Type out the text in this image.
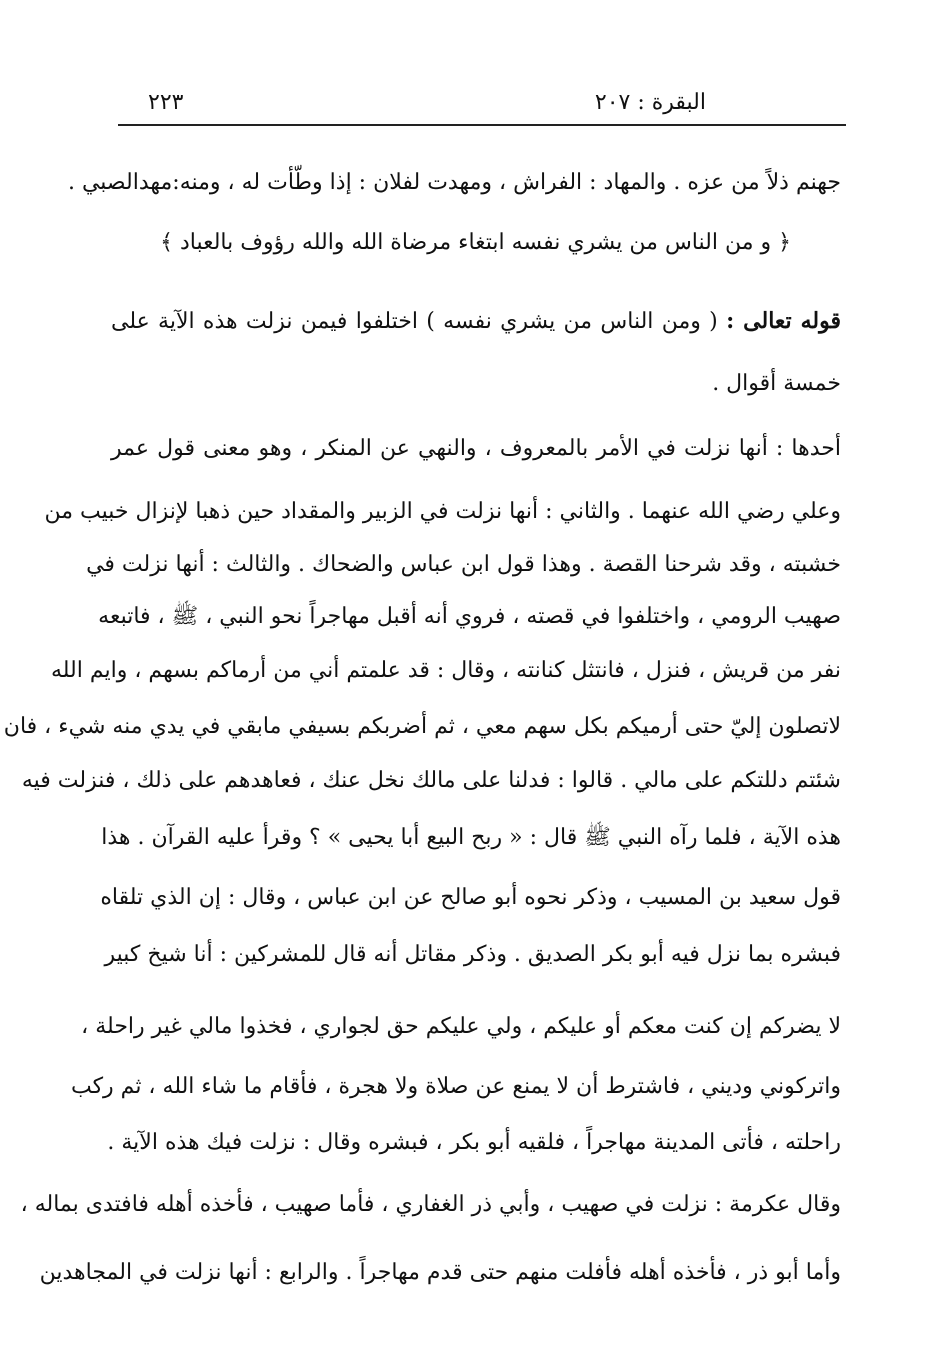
البقرة : ٢٠٧
٢٢٣
جهنم ذلاً من عزه . والمهاد : الفراش ، ومهدت لفلان : إذا وطّأت له ، ومنه:مهدالصبي .
﴿ و من الناس من يشري نفسه ابتغاء مرضاة الله والله رؤوف بالعباد ﴾
قوله تعالى : ( ومن الناس من يشري نفسه ) اختلفوا فيمن نزلت هذه الآية على
خمسة أقوال .
أحدها : أنها نزلت في الأمر بالمعروف ، والنهي عن المنكر ، وهو معنى قول عمر
وعلي رضي الله عنهما . والثاني : أنها نزلت في الزبير والمقداد حين ذهبا لإنزال خبيب من
خشبته ، وقد شرحنا القصة . وهذا قول ابن عباس والضحاك . والثالث : أنها نزلت في
صهيب الرومي ، واختلفوا في قصته ، فروي أنه أقبل مهاجراً نحو النبي ، ﷺ ، فاتبعه
نفر من قريش ، فنزل ، فانتثل كنانته ، وقال : قد علمتم أني من أرماكم بسهم ، وايم الله
لاتصلون إليّ حتى أرميكم بكل سهم معي ، ثم أضربكم بسيفي مابقي في يدي منه شيء ، فان
شئتم دللتكم على مالي . قالوا : فدلنا على مالك نخل عنك ، فعاهدهم على ذلك ، فنزلت فيه
هذه الآية ، فلما رآه النبي ﷺ قال : « ربح البيع أبا يحيى » ؟ وقرأ عليه القرآن . هذا
قول سعيد بن المسيب ، وذكر نحوه أبو صالح عن ابن عباس ، وقال : إن الذي تلقاه
فبشره بما نزل فيه أبو بكر الصديق . وذكر مقاتل أنه قال للمشركين : أنا شيخ كبير
لا يضركم إن كنت معكم أو عليكم ، ولي عليكم حق لجواري ، فخذوا مالي غير راحلة ،
واتركوني وديني ، فاشترط أن لا يمنع عن صلاة ولا هجرة ، فأقام ما شاء الله ، ثم ركب
راحلته ، فأتى المدينة مهاجراً ، فلقيه أبو بكر ، فبشره وقال : نزلت فيك هذه الآية .
وقال عكرمة : نزلت في صهيب ، وأبي ذر الغفاري ، فأما صهيب ، فأخذه أهله فافتدى بماله ،
وأما أبو ذر ، فأخذه أهله فأفلت منهم حتى قدم مهاجراً . والرابع : أنها نزلت في المجاهدين
